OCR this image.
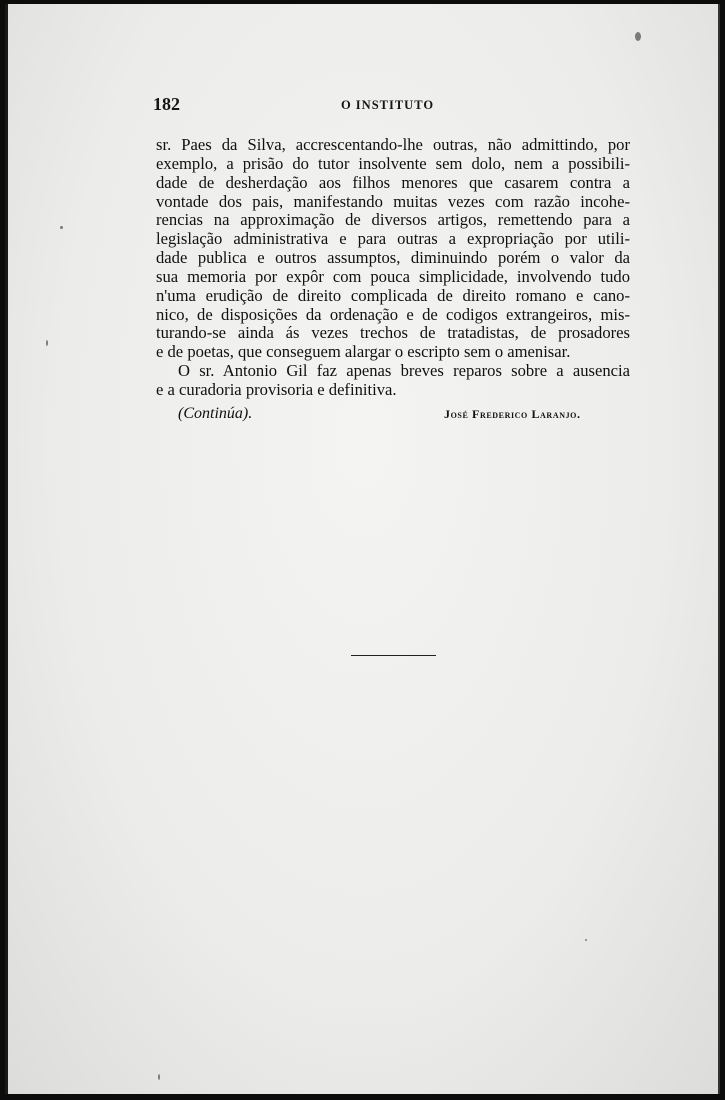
182	O INSTITUTO

sr. Paes da Silva, accrescentando-lhe outras, não admittindo, por

exemplo, a prisão do tutor insolvente sem dolo, nem a possibili-

dade de desherdação aos filhos menores que casarem contra a

vontade dos pais, manifestando muitas vezes com razão incohe-

rencias na approximação de diversos artigos, remettendo para a

legislação administrativa e para outras a expropriação por utili-

dade publica e outros assumptos, diminuindo porém o valor da

sua memoria por expôr com pouca simplicidade, involvendo tudo

n'uma erudição de direito complicada de direito romano e cano-

nico, de disposições da ordenação e de codigos extrangeiros, mis-

turando-se ainda ás vezes trechos de tratadistas, de prosadores

e de poetas, que conseguem alargar o escripto sem o amenisar.

O sr. Antonio Gil faz apenas breves reparos sobre a ausencia

e a curadoria provisoria e definitiva.

(Continúa).	José Frederico Laranjo.
